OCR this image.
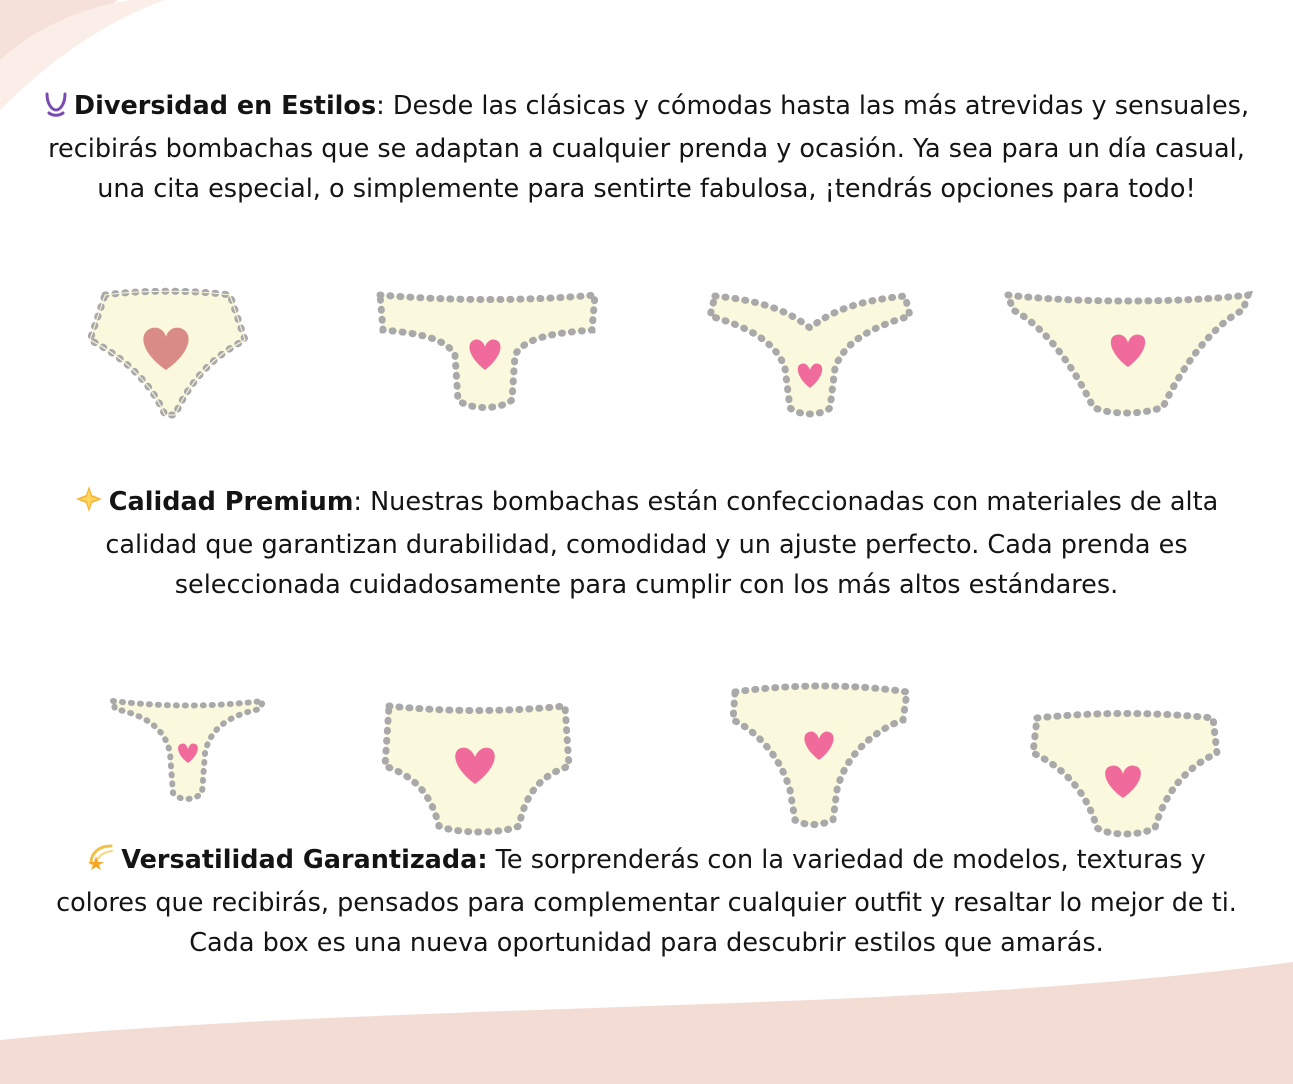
Diversidad en Estilos: Desde las clásicas y cómodas hasta las más atrevidas y sensuales, recibirás bombachas que se adaptan a cualquier prenda y ocasión. Ya sea para un día casual, una cita especial, o simplemente para sentirte fabulosa, ¡tendrás opciones para todo!

Calidad Premium: Nuestras bombachas están confeccionadas con materiales de alta calidad que garantizan durabilidad, comodidad y un ajuste perfecto. Cada prenda es seleccionada cuidadosamente para cumplir con los más altos estándares.

Versatilidad Garantizada: Te sorprenderás con la variedad de modelos, texturas y colores que recibirás, pensados para complementar cualquier outfit y resaltar lo mejor de ti. Cada box es una nueva oportunidad para descubrir estilos que amarás.
